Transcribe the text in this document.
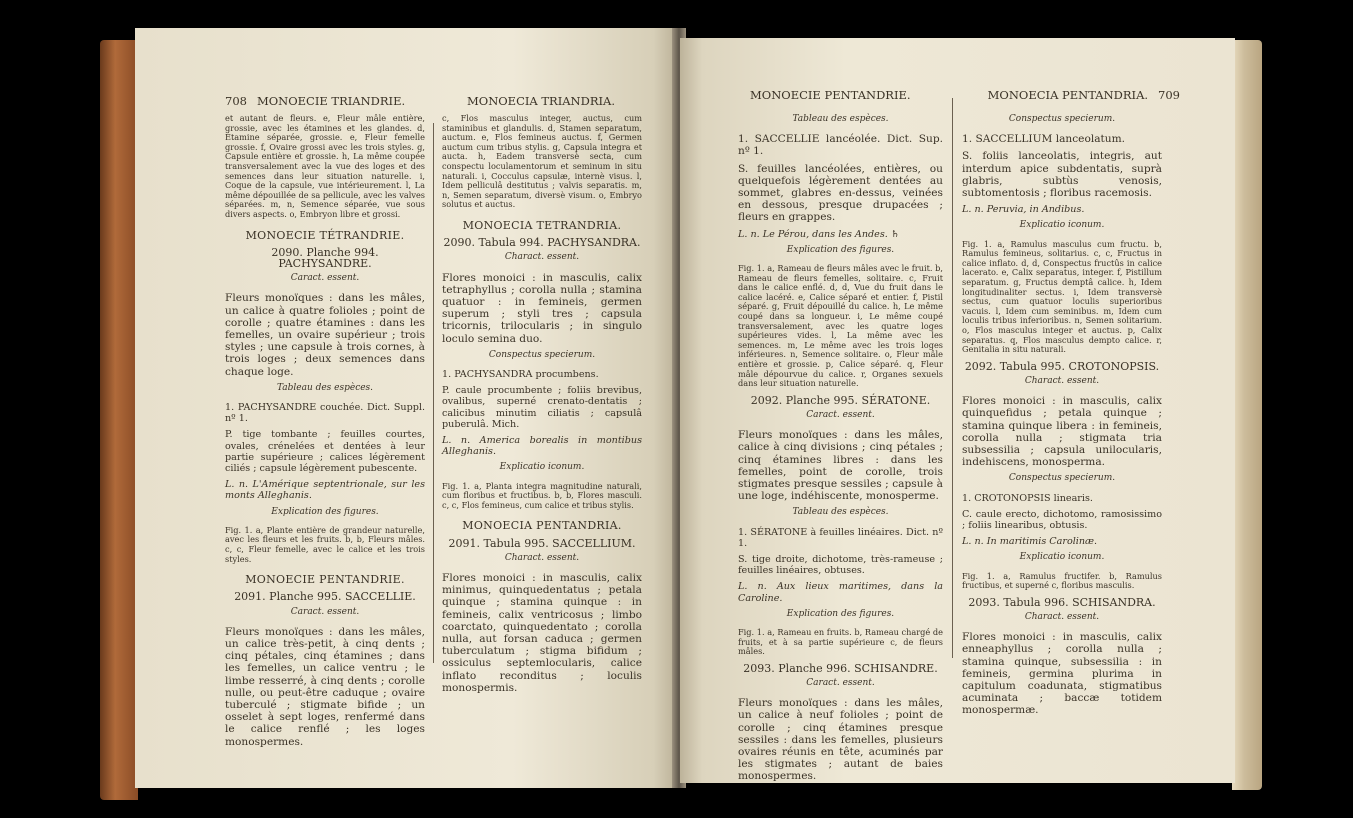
708 MONOECIE TRIANDRIE.	MONOECIA TRIANDRIA.

et autant de fleurs. e, Fleur mâle entière, grossie, avec les étamines et les glandes. d, Étamine séparée, grossie. e, Fleur femelle grossie. f, Ovaire grossi avec les trois styles. g, Capsule entière et grossie. h, La même coupée transversalement avec la vue des loges et des semences dans leur situation naturelle. i, Coque de la capsule, vue intérieurement. l, La même dépouillée de sa pellicule, avec les valves séparées. m, n, Semence séparée, vue sous divers aspects. o, Embryon libre et grossi.

MONOECIE TÉTRANDRIE.
2090. Planche 994. PACHYSANDRE.
Caract. essent.

Fleurs monoïques : dans les mâles, un calice à quatre folioles ; point de corolle ; quatre étamines : dans les femelles, un ovaire supérieur ; trois styles ; une capsule à trois cornes, à trois loges ; deux semences dans chaque loge.

Tableau des espèces.

1. PACHYSANDRE couchée. Dict. Suppl. nº 1.

P. tige tombante ; feuilles courtes, ovales, crénelées et dentées à leur partie supérieure ; calices légèrement ciliés ; capsule légèrement pubescente.

L. n. L'Amérique septentrionale, sur les monts Alleghanis.

Explication des figures.

Fig. 1. a, Plante entière de grandeur naturelle, avec les fleurs et les fruits. b, b, Fleurs mâles. c, c, Fleur femelle, avec le calice et les trois styles.

MONOECIE PENTANDRIE.
2091. Planche 995. SACCELLIE.
Caract. essent.

Fleurs monoïques : dans les mâles, un calice très-petit, à cinq dents ; cinq pétales, cinq étamines ; dans les femelles, un calice ventru ; le limbe resserré, à cinq dents ; corolle nulle, ou peut-être caduque ; ovaire tuberculé ; stigmate bifide ; un osselet à sept loges, renfermé dans le calice renflé ; les loges monospermes.

c, Flos masculus integer, auctus, cum staminibus et glandulis. d, Stamen separatum, auctum. e, Flos femineus auctus. f, Germen auctum cum tribus stylis. g, Capsula integra et aucta. h, Eadem transversè secta, cum conspectu loculamentorum et seminum in situ naturali. i, Cocculus capsulæ, internè visus. l, Idem pelliculâ destitutus ; valvis separatis. m, n, Semen separatum, diversè visum. o, Embryo solutus et auctus.

MONOECIA TETRANDRIA.
2090. Tabula 994. PACHYSANDRA.
Charact. essent.

Flores monoici : in masculis, calix tetraphyllus ; corolla nulla ; stamina quatuor : in femineis, germen superum ; styli tres ; capsula tricornis, trilocularis ; in singulo loculo semina duo.

Conspectus specierum.

1. PACHYSANDRA procumbens.

P. caule procumbente ; foliis brevibus, ovalibus, superné crenato-dentatis ; calicibus minutim ciliatis ; capsulâ puberulâ. Mich.

L. n. America borealis in montibus Alleghanis.

Explicatio iconum.

Fig. 1. a, Planta integra magnitudine naturali, cum floribus et fructibus. b, b, Flores masculi. c, c, Flos femineus, cum calice et tribus stylis.

MONOECIA PENTANDRIA.
2091. Tabula 995. SACCELLIUM.
Charact. essent.

Flores monoici : in masculis, calix minimus, quinquedentatus ; petala quinque ; stamina quinque : in femineis, calix ventricosus ; limbo coarctato, quinquedentato ; corolla nulla, aut forsan caduca ; germen tuberculatum ; stigma bifidum ; ossiculus septemlocularis, calice inflato reconditus ; loculis monospermis.

MONOECIE PENTANDRIE.	MONOECIA PENTANDRIA. 709
Tableau des espèces.

1. SACCELLIE lancéolée. Dict. Sup. nº 1.

S. feuilles lancéolées, entières, ou quelquefois légèrement dentées au sommet, glabres en-dessus, veinées en dessous, presque drupacées ; fleurs en grappes.

L. n. Le Pérou, dans les Andes. ♄

Explication des figures.

Fig. 1. a, Rameau de fleurs mâles avec le fruit. b, Rameau de fleurs femelles, solitaire. c, Fruit dans le calice enflé. d, d, Vue du fruit dans le calice lacéré. e, Calice séparé et entier. f, Pistil séparé. g, Fruit dépouillé du calice. h, Le même coupé dans sa longueur. i, Le même coupé transversalement, avec les quatre loges supérieures vides. l, La même avec les semences. m, Le même avec les trois loges inférieures. n, Semence solitaire. o, Fleur mâle entière et grossie. p, Calice séparé. q, Fleur mâle dépourvue du calice. r, Organes sexuels dans leur situation naturelle.

2092. Planche 995. SÉRATONE.
Caract. essent.

Fleurs monoïques : dans les mâles, calice à cinq divisions ; cinq pétales ; cinq étamines libres : dans les femelles, point de corolle, trois stigmates presque sessiles ; capsule à une loge, indéhiscente, monosperme.

Tableau des espèces.

1. SÉRATONE à feuilles linéaires. Dict. nº 1.

S. tige droite, dichotome, très-rameuse ; feuilles linéaires, obtuses.

L. n. Aux lieux maritimes, dans la Caroline.

Explication des figures.

Fig. 1. a, Rameau en fruits. b, Rameau chargé de fruits, et à sa partie supérieure c, de fleurs mâles.

2093. Planche 996. SCHISANDRE.
Caract. essent.

Fleurs monoïques : dans les mâles, un calice à neuf folioles ; point de corolle ; cinq étamines presque sessiles : dans les femelles, plusieurs ovaires réunis en tête, acuminés par les stigmates ; autant de baies monospermes.

Conspectus specierum.

1. SACCELLIUM lanceolatum.

S. foliis lanceolatis, integris, aut interdum apice subdentatis, suprà glabris, subtùs venosis, subtomentosis ; floribus racemosis.

L. n. Peruvia, in Andibus.

Explicatio iconum.

Fig. 1. a, Ramulus masculus cum fructu. b, Ramulus femineus, solitarius. c, c, Fructus in calice inflato. d, d, Conspectus fructûs in calice lacerato. e, Calix separatus, integer. f, Pistillum separatum. g, Fructus demptâ calice. h, Idem longitudinaliter sectus. i, Idem transversè sectus, cum quatuor loculis superioribus vacuis. l, Idem cum seminibus. m, Idem cum loculis tribus inferioribus. n, Semen solitarium. o, Flos masculus integer et auctus. p, Calix separatus. q, Flos masculus dempto calice. r, Genitalia in situ naturali.

2092. Tabula 995. CROTONOPSIS.
Charact. essent.

Flores monoici : in masculis, calix quinquefidus ; petala quinque ; stamina quinque libera : in femineis, corolla nulla ; stigmata tria subsessilia ; capsula unilocularis, indehiscens, monosperma.

Conspectus specierum.

1. CROTONOPSIS linearis.

C. caule erecto, dichotomo, ramosissimo ; foliis linearibus, obtusis.

L. n. In maritimis Carolinæ.

Explicatio iconum.

Fig. 1. a, Ramulus fructifer. b, Ramulus fructibus, et superné c, floribus masculis.

2093. Tabula 996. SCHISANDRA.
Charact. essent.

Flores monoici : in masculis, calix enneaphyllus ; corolla nulla ; stamina quinque, subsessilia : in femineis, germina plurima in capitulum coadunata, stigmatibus acuminata ; baccæ totidem monospermæ.
